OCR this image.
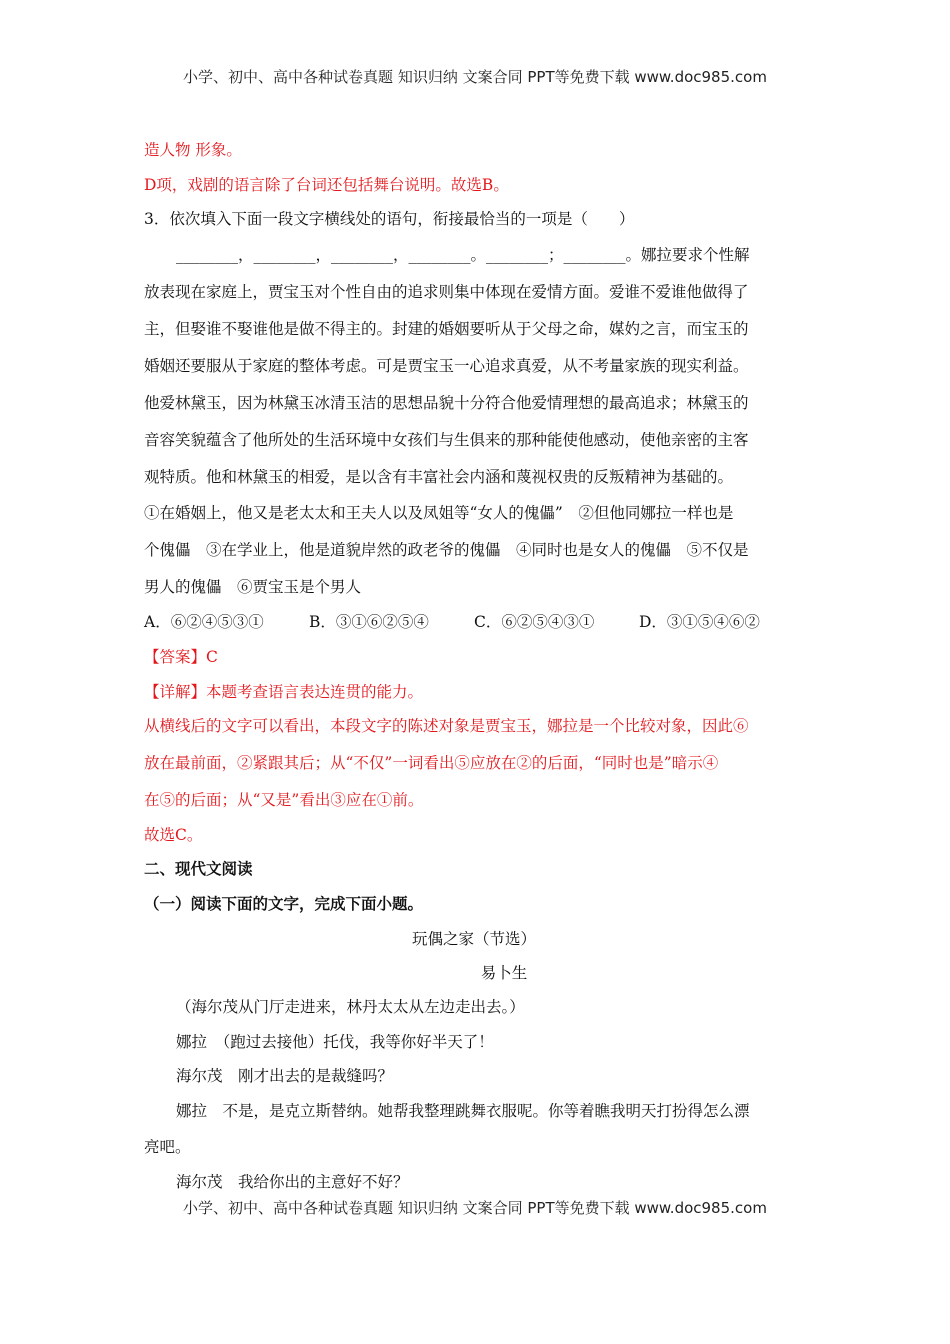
小学、初中、高中各种试卷真题 知识归纳 文案合同 PPT等免费下载 www.doc985.com
造人物 形象。
D项，戏剧的语言除了台词还包括舞台说明。故选B。
3．依次填入下面一段文字横线处的语句，衔接最恰当的一项是（　　）
________，________，________，________。________；________。娜拉要求个性解
放表现在家庭上，贾宝玉对个性自由的追求则集中体现在爱情方面。爱谁不爱谁他做得了
主，但娶谁不娶谁他是做不得主的。封建的婚姻要听从于父母之命，媒妁之言，而宝玉的
婚姻还要服从于家庭的整体考虑。可是贾宝玉一心追求真爱，从不考量家族的现实利益。
他爱林黛玉，因为林黛玉冰清玉洁的思想品貌十分符合他爱情理想的最高追求；林黛玉的
音容笑貌蕴含了他所处的生活环境中女孩们与生俱来的那种能使他感动，使他亲密的主客
观特质。他和林黛玉的相爱，是以含有丰富社会内涵和蔑视权贵的反叛精神为基础的。
①在婚姻上，他又是老太太和王夫人以及凤姐等“女人的傀儡”　②但他同娜拉一样也是
个傀儡　③在学业上，他是道貌岸然的政老爷的傀儡　④同时也是女人的傀儡　⑤不仅是
男人的傀儡　⑥贾宝玉是个男人
A．⑥②④⑤③①	B．③①⑥②⑤④	C．⑥②⑤④③①	D．③①⑤④⑥②
【答案】C
【详解】本题考查语言表达连贯的能力。
从横线后的文字可以看出，本段文字的陈述对象是贾宝玉，娜拉是一个比较对象，因此⑥
放在最前面，②紧跟其后；从“不仅”一词看出⑤应放在②的后面，“同时也是”暗示④
在⑤的后面；从“又是”看出③应在①前。
故选C。
二、现代文阅读
（一）阅读下面的文字，完成下面小题。
玩偶之家（节选）
易卜生
（海尔茂从门厅走进来，林丹太太从左边走出去。）
娜拉　（跑过去接他）托伐，我等你好半天了！
海尔茂　刚才出去的是裁缝吗？
娜拉　不是，是克立斯替纳。她帮我整理跳舞衣服呢。你等着瞧我明天打扮得怎么漂
亮吧。
海尔茂　我给你出的主意好不好？
小学、初中、高中各种试卷真题 知识归纳 文案合同 PPT等免费下载 www.doc985.com
